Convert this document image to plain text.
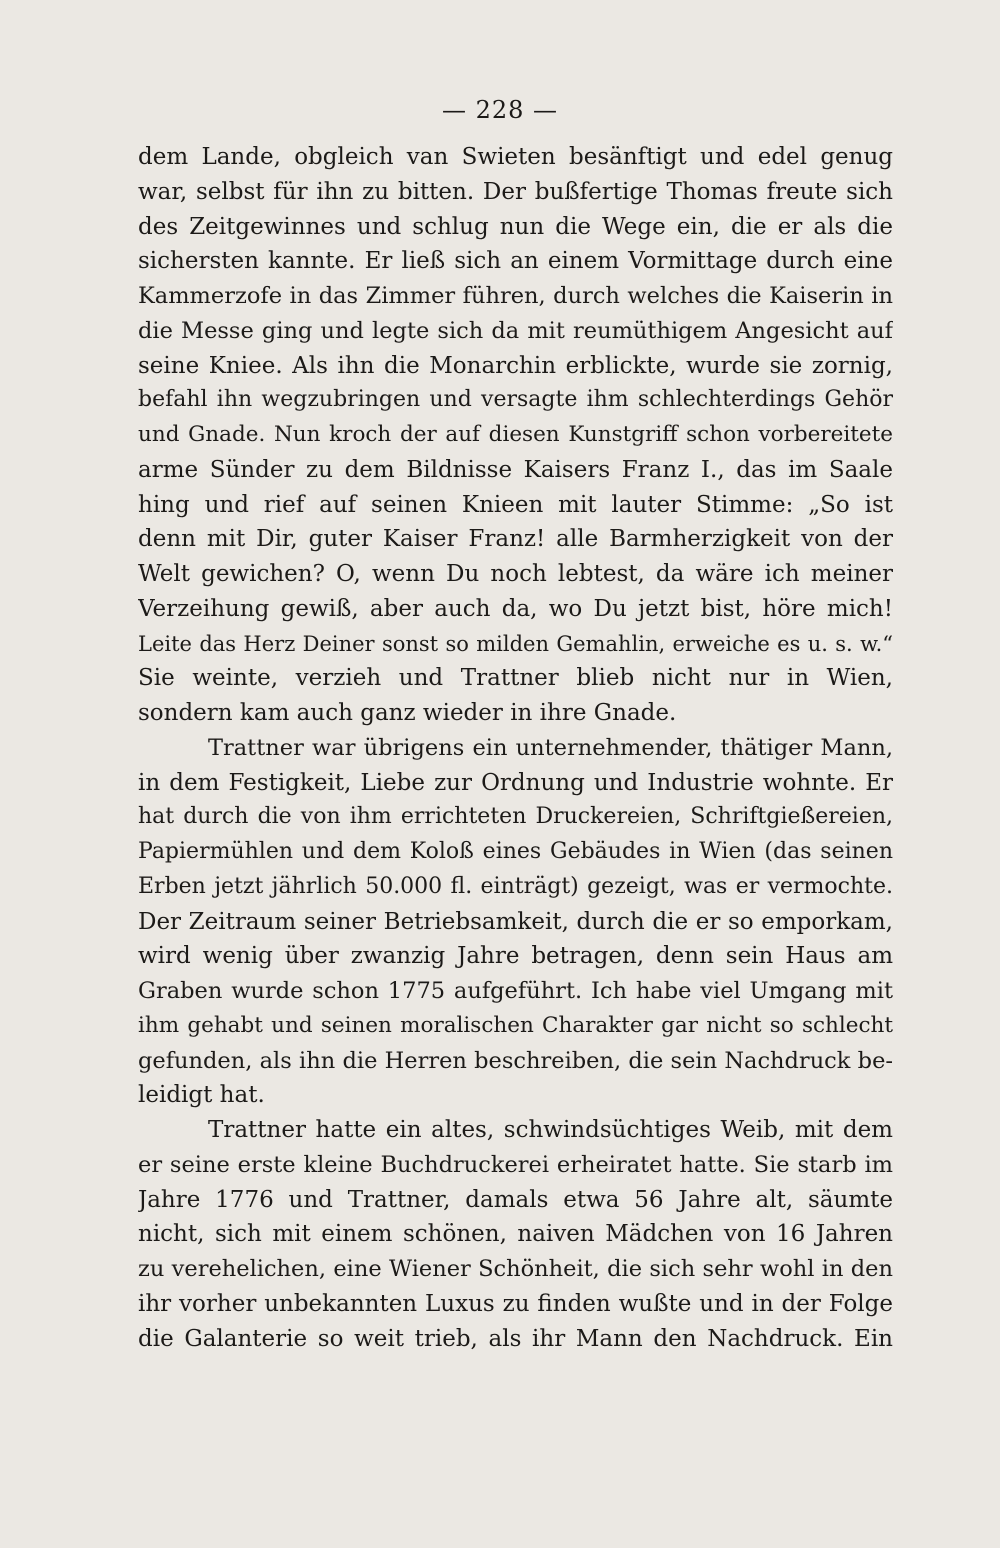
— 228 —
dem Lande, obgleich van Swieten besänftigt und edel genug
war, selbst für ihn zu bitten. Der bußfertige Thomas freute sich
des Zeitgewinnes und schlug nun die Wege ein, die er als die
sichersten kannte. Er ließ sich an einem Vormittage durch eine
Kammerzofe in das Zimmer führen, durch welches die Kaiserin in
die Messe ging und legte sich da mit reumüthigem Angesicht auf
seine Kniee. Als ihn die Monarchin erblickte, wurde sie zornig,
befahl ihn wegzubringen und versagte ihm schlechterdings Gehör
und Gnade. Nun kroch der auf diesen Kunstgriff schon vorbereitete
arme Sünder zu dem Bildnisse Kaisers Franz I., das im Saale
hing und rief auf seinen Knieen mit lauter Stimme: „So ist
denn mit Dir, guter Kaiser Franz! alle Barmherzigkeit von der
Welt gewichen? O, wenn Du noch lebtest, da wäre ich meiner
Verzeihung gewiß, aber auch da, wo Du jetzt bist, höre mich!
Leite das Herz Deiner sonst so milden Gemahlin, erweiche es u. s. w.“
Sie weinte, verzieh und Trattner blieb nicht nur in Wien,
sondern kam auch ganz wieder in ihre Gnade.
Trattner war übrigens ein unternehmender, thätiger Mann,
in dem Festigkeit, Liebe zur Ordnung und Industrie wohnte. Er
hat durch die von ihm errichteten Druckereien, Schriftgießereien,
Papiermühlen und dem Koloß eines Gebäudes in Wien (das seinen
Erben jetzt jährlich 50.000 fl. einträgt) gezeigt, was er vermochte.
Der Zeitraum seiner Betriebsamkeit, durch die er so emporkam,
wird wenig über zwanzig Jahre betragen, denn sein Haus am
Graben wurde schon 1775 aufgeführt. Ich habe viel Umgang mit
ihm gehabt und seinen moralischen Charakter gar nicht so schlecht
gefunden, als ihn die Herren beschreiben, die sein Nachdruck be-
leidigt hat.
Trattner hatte ein altes, schwindsüchtiges Weib, mit dem
er seine erste kleine Buchdruckerei erheiratet hatte. Sie starb im
Jahre 1776 und Trattner, damals etwa 56 Jahre alt, säumte
nicht, sich mit einem schönen, naiven Mädchen von 16 Jahren
zu verehelichen, eine Wiener Schönheit, die sich sehr wohl in den
ihr vorher unbekannten Luxus zu finden wußte und in der Folge
die Galanterie so weit trieb, als ihr Mann den Nachdruck. Ein
